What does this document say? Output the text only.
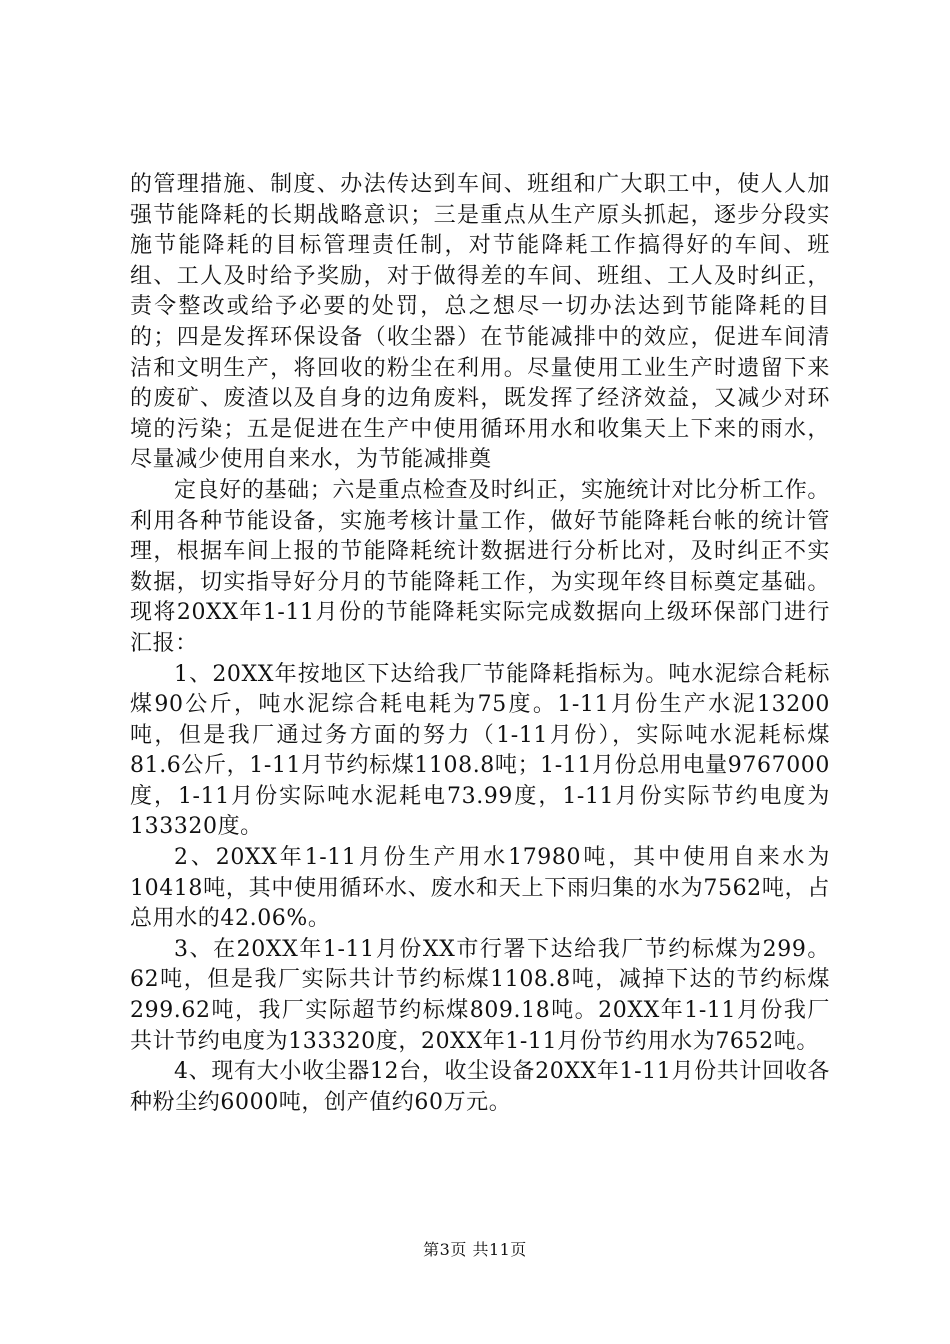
的管理措施、制度、办法传达到车间、班组和广大职工中，使人人加强节能降耗的长期战略意识；三是重点从生产原头抓起，逐步分段实施节能降耗的目标管理责任制，对节能降耗工作搞得好的车间、班组、工人及时给予奖励，对于做得差的车间、班组、工人及时纠正，责令整改或给予必要的处罚，总之想尽一切办法达到节能降耗的目的；四是发挥环保设备（收尘器）在节能减排中的效应，促进车间清洁和文明生产，将回收的粉尘在利用。尽量使用工业生产时遗留下来的废矿、废渣以及自身的边角废料，既发挥了经济效益，又减少对环境的污染；五是促进在生产中使用循环用水和收集天上下来的雨水，尽量减少使用自来水，为节能减排奠

定良好的基础；六是重点检查及时纠正，实施统计对比分析工作。利用各种节能设备，实施考核计量工作，做好节能降耗台帐的统计管理，根据车间上报的节能降耗统计数据进行分析比对，及时纠正不实数据，切实指导好分月的节能降耗工作，为实现年终目标奠定基础。现将20XX年1-11月份的节能降耗实际完成数据向上级环保部门进行汇报：

1、20XX年按地区下达给我厂节能降耗指标为。吨水泥综合耗标煤90公斤，吨水泥综合耗电耗为75度。1-11月份生产水泥13200吨，但是我厂通过务方面的努力（1-11月份），实际吨水泥耗标煤81.6公斤，1-11月节约标煤1108.8吨；1-11月份总用电量9767000度，1-11月份实际吨水泥耗电73.99度，1-11月份实际节约电度为133320度。

2、20XX年1-11月份生产用水17980吨，其中使用自来水为10418吨，其中使用循环水、废水和天上下雨归集的水为7562吨，占总用水的42.06%。

3、在20XX年1-11月份XX市行署下达给我厂节约标煤为299。62吨，但是我厂实际共计节约标煤1108.8吨，减掉下达的节约标煤299.62吨，我厂实际超节约标煤809.18吨。20XX年1-11月份我厂共计节约电度为133320度，20XX年1-11月份节约用水为7652吨。

4、现有大小收尘器12台，收尘设备20XX年1-11月份共计回收各种粉尘约6000吨，创产值约60万元。

第3页 共11页
